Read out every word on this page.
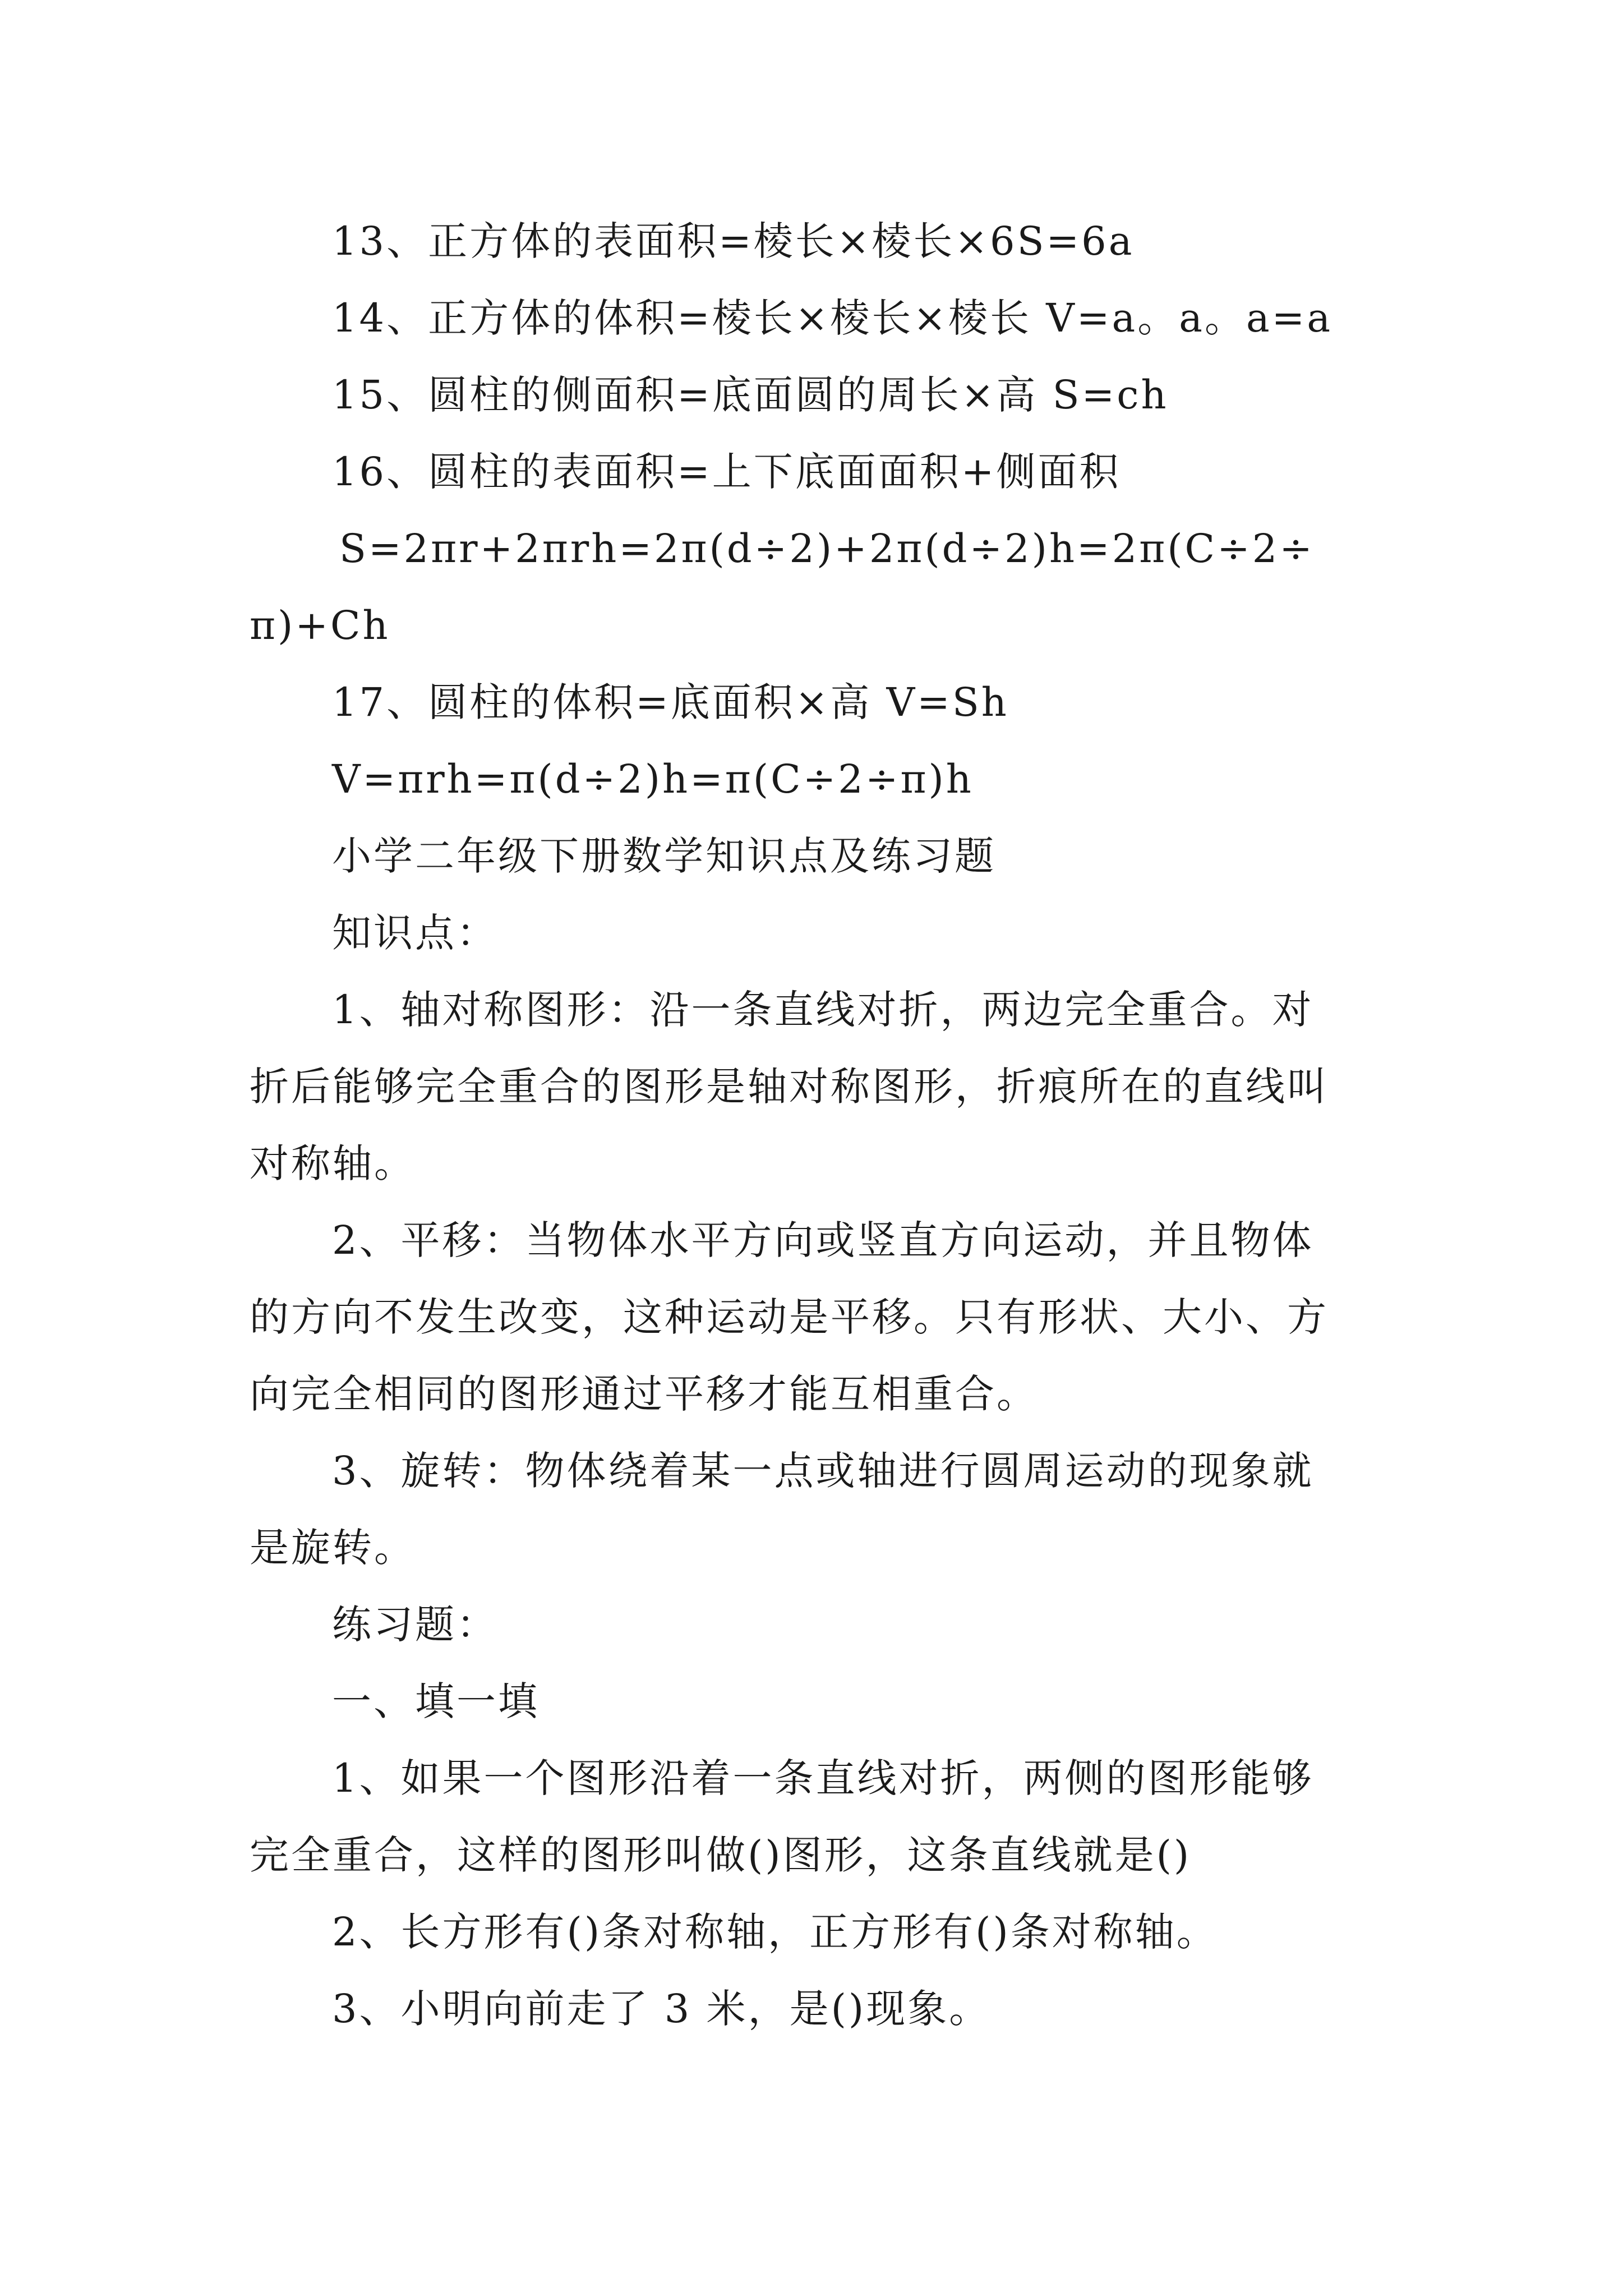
13、正方体的表面积=棱长×棱长×6S=6a
14、正方体的体积=棱长×棱长×棱长 V=a。a。a=a
15、圆柱的侧面积=底面圆的周长×高 S=ch
16、圆柱的表面积=上下底面面积+侧面积
S=2πr+2πrh=2π(d÷2)+2π(d÷2)h=2π(C÷2÷
π)+Ch
17、圆柱的体积=底面积×高 V=Sh
V=πrh=π(d÷2)h=π(C÷2÷π)h
小学二年级下册数学知识点及练习题
知识点：
1、轴对称图形：沿一条直线对折，两边完全重合。对
折后能够完全重合的图形是轴对称图形，折痕所在的直线叫
对称轴。
2、平移：当物体水平方向或竖直方向运动，并且物体
的方向不发生改变，这种运动是平移。只有形状、大小、方
向完全相同的图形通过平移才能互相重合。
3、旋转：物体绕着某一点或轴进行圆周运动的现象就
是旋转。
练习题：
一、填一填
1、如果一个图形沿着一条直线对折，两侧的图形能够
完全重合，这样的图形叫做()图形，这条直线就是()
2、长方形有()条对称轴，正方形有()条对称轴。
3、小明向前走了 3 米，是()现象。
